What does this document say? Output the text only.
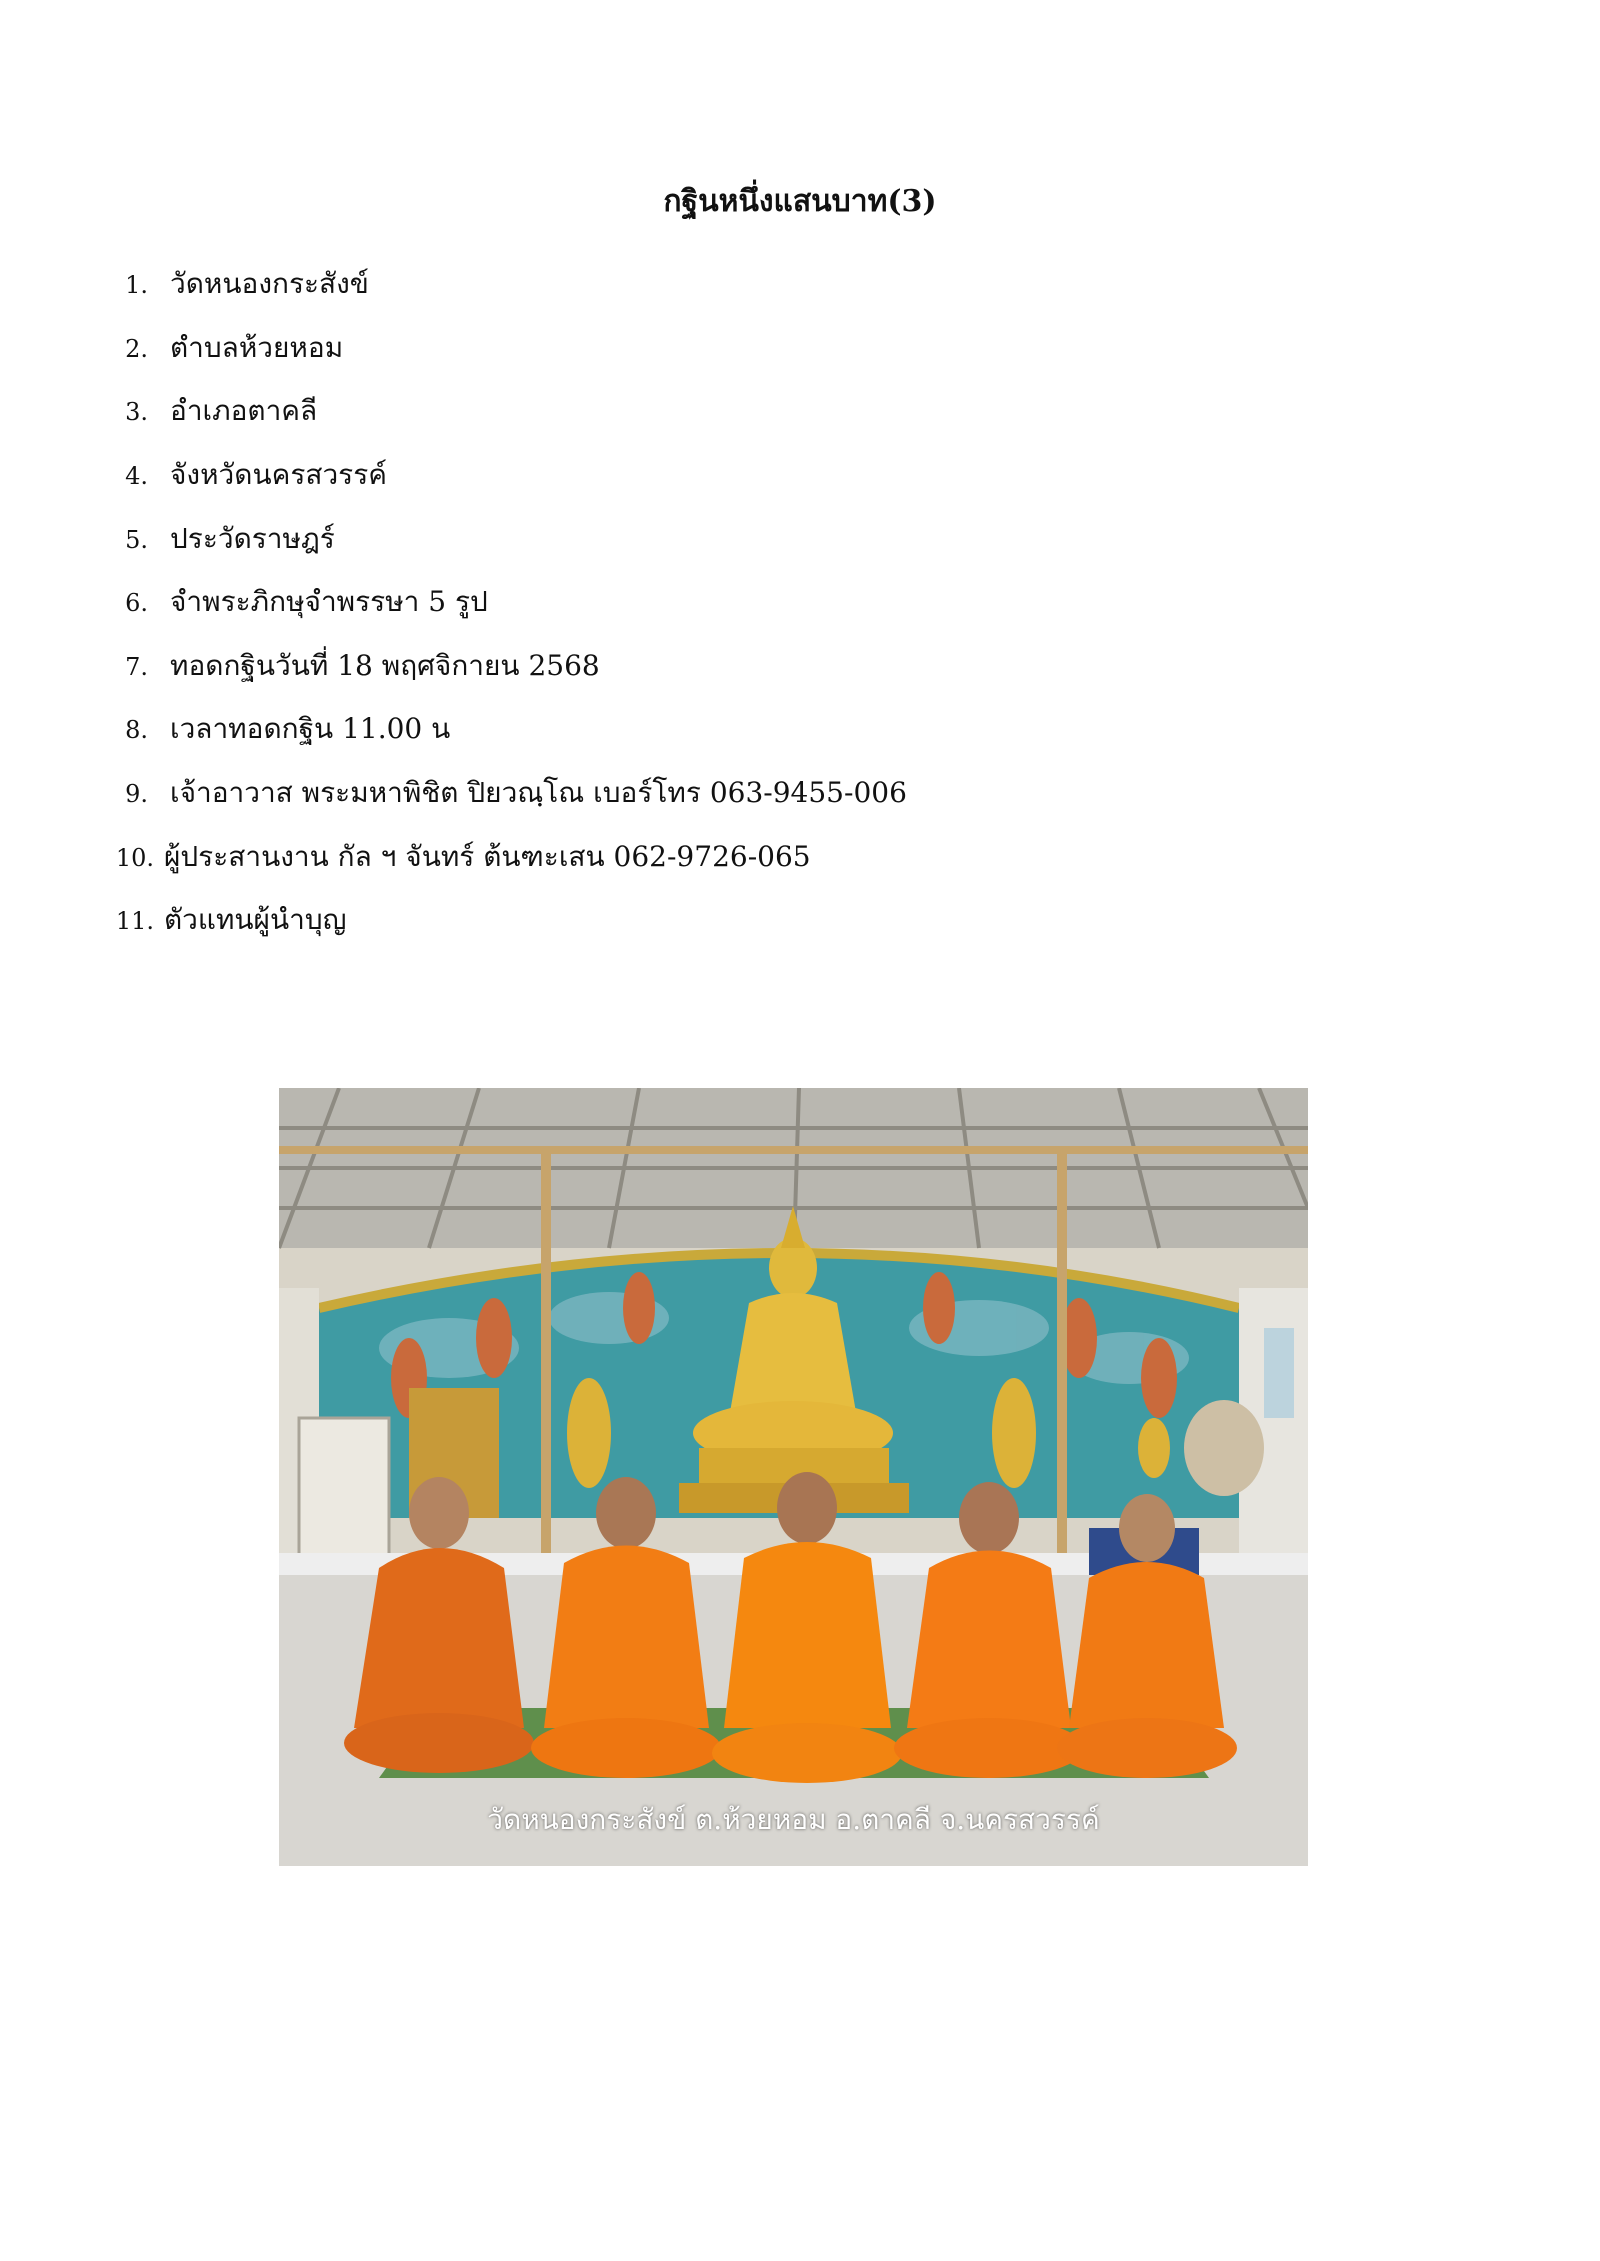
กฐินหนึ่งแสนบาท(3)
1. วัดหนองกระสังข์
2. ตำบลห้วยหอม
3. อำเภอตาคลี
4. จังหวัดนครสวรรค์
5. ประวัดราษฎร์
6. จำพระภิกษุจำพรรษา 5 รูป
7. ทอดกฐินวันที่ 18 พฤศจิกายน 2568
8. เวลาทอดกฐิน 11.00 น
9. เจ้าอาวาส พระมหาพิชิต ปิยวณฺโณ เบอร์โทร 063-9455-006
10. ผู้ประสานงาน กัล ฯ จันทร์ ต้นฑะเสน 062-9726-065
11. ตัวแทนผู้นำบุญ
วัดหนองกระสังข์ ต.ห้วยหอม อ.ตาคลี จ.นครสวรรค์
